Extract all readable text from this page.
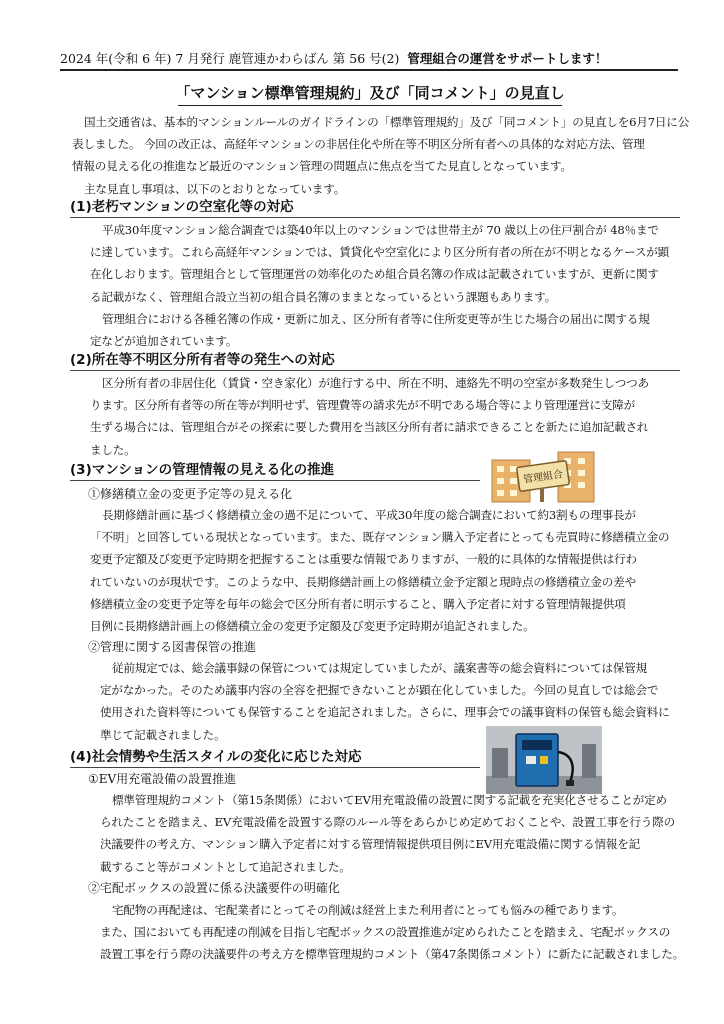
2024 年(令和 6 年) 7 月発行 鹿管連かわらばん 第 56 号(2) 管理組合の運営をサポートします！
「マンション標準管理規約」及び「同コメント」の見直し
国土交通省は、基本的マンションルールのガイドラインの「標準管理規約」及び「同コメント」の見直しを6月7日に公
表しました。 今回の改正は、高経年マンションの非居住化や所在等不明区分所有者への具体的な対応方法、管理
情報の見える化の推進など最近のマンション管理の問題点に焦点を当てた見直しとなっています。
主な見直し事項は、以下のとおりとなっています。
(1)老朽マンションの空室化等の対応
平成30年度マンション総合調査では築40年以上のマンションでは世帯主が 70 歳以上の住戸割合が 48％まで
に達しています。これら高経年マンションでは、賃貸化や空室化により区分所有者の所在が不明となるケースが顕
在化しおります。管理組合として管理運営の効率化のため組合員名簿の作成は記載されていますが、更新に関す
る記載がなく、管理組合設立当初の組合員名簿のままとなっているという課題もあります。
管理組合における各種名簿の作成・更新に加え、区分所有者等に住所変更等が生じた場合の届出に関する規
定などが追加されています。
(2)所在等不明区分所有者等の発生への対応
区分所有者の非居住化（賃貸・空き家化）が進行する中、所在不明、連絡先不明の空室が多数発生しつつあ
ります。区分所有者等の所在等が判明せず、管理費等の請求先が不明である場合等により管理運営に支障が
生ずる場合には、管理組合がその探索に要した費用を当該区分所有者に請求できることを新たに追加記載され
ました。
(3)マンションの管理情報の見える化の推進	管理組合
①修繕積立金の変更予定等の見える化
長期修繕計画に基づく修繕積立金の過不足について、平成30年度の総合調査において約3割もの理事長が
「不明」と回答している現状となっています。また、既存マンション購入予定者にとっても売買時に修繕積立金の
変更予定額及び変更予定時期を把握することは重要な情報でありますが、一般的に具体的な情報提供は行わ
れていないのが現状です。このような中、長期修繕計画上の修繕積立金予定額と現時点の修繕積立金の差や
修繕積立金の変更予定等を毎年の総会で区分所有者に明示すること、購入予定者に対する管理情報提供項
目例に長期修繕計画上の修繕積立金の変更予定額及び変更予定時期が追記されました。
②管理に関する図書保管の推進
従前規定では、総会議事録の保管については規定していましたが、議案書等の総会資料については保管規
定がなかった。そのため議事内容の全容を把握できないことが顕在化していました。今回の見直しでは総会で
使用された資料等についても保管することを追記されました。さらに、理事会での議事資料の保管も総会資料に
準じて記載されました。
(4)社会情勢や生活スタイルの変化に応じた対応
①EV用充電設備の設置推進
標準管理規約コメント（第15条関係）においてEV用充電設備の設置に関する記載を充実化させることが定め
られたことを踏まえ、EV充電設備を設置する際のルール等をあらかじめ定めておくことや、設置工事を行う際の
決議要件の考え方、マンション購入予定者に対する管理情報提供項目例にEV用充電設備に関する情報を記
載すること等がコメントとして追記されました。
②宅配ボックスの設置に係る決議要件の明確化
宅配物の再配達は、宅配業者にとってその削減は経営上また利用者にとっても悩みの種であります。
また、国においても再配達の削減を目指し宅配ボックスの設置推進が定められたことを踏まえ、宅配ボックスの
設置工事を行う際の決議要件の考え方を標準管理規約コメント（第47条関係コメント）に新たに記載されました。
